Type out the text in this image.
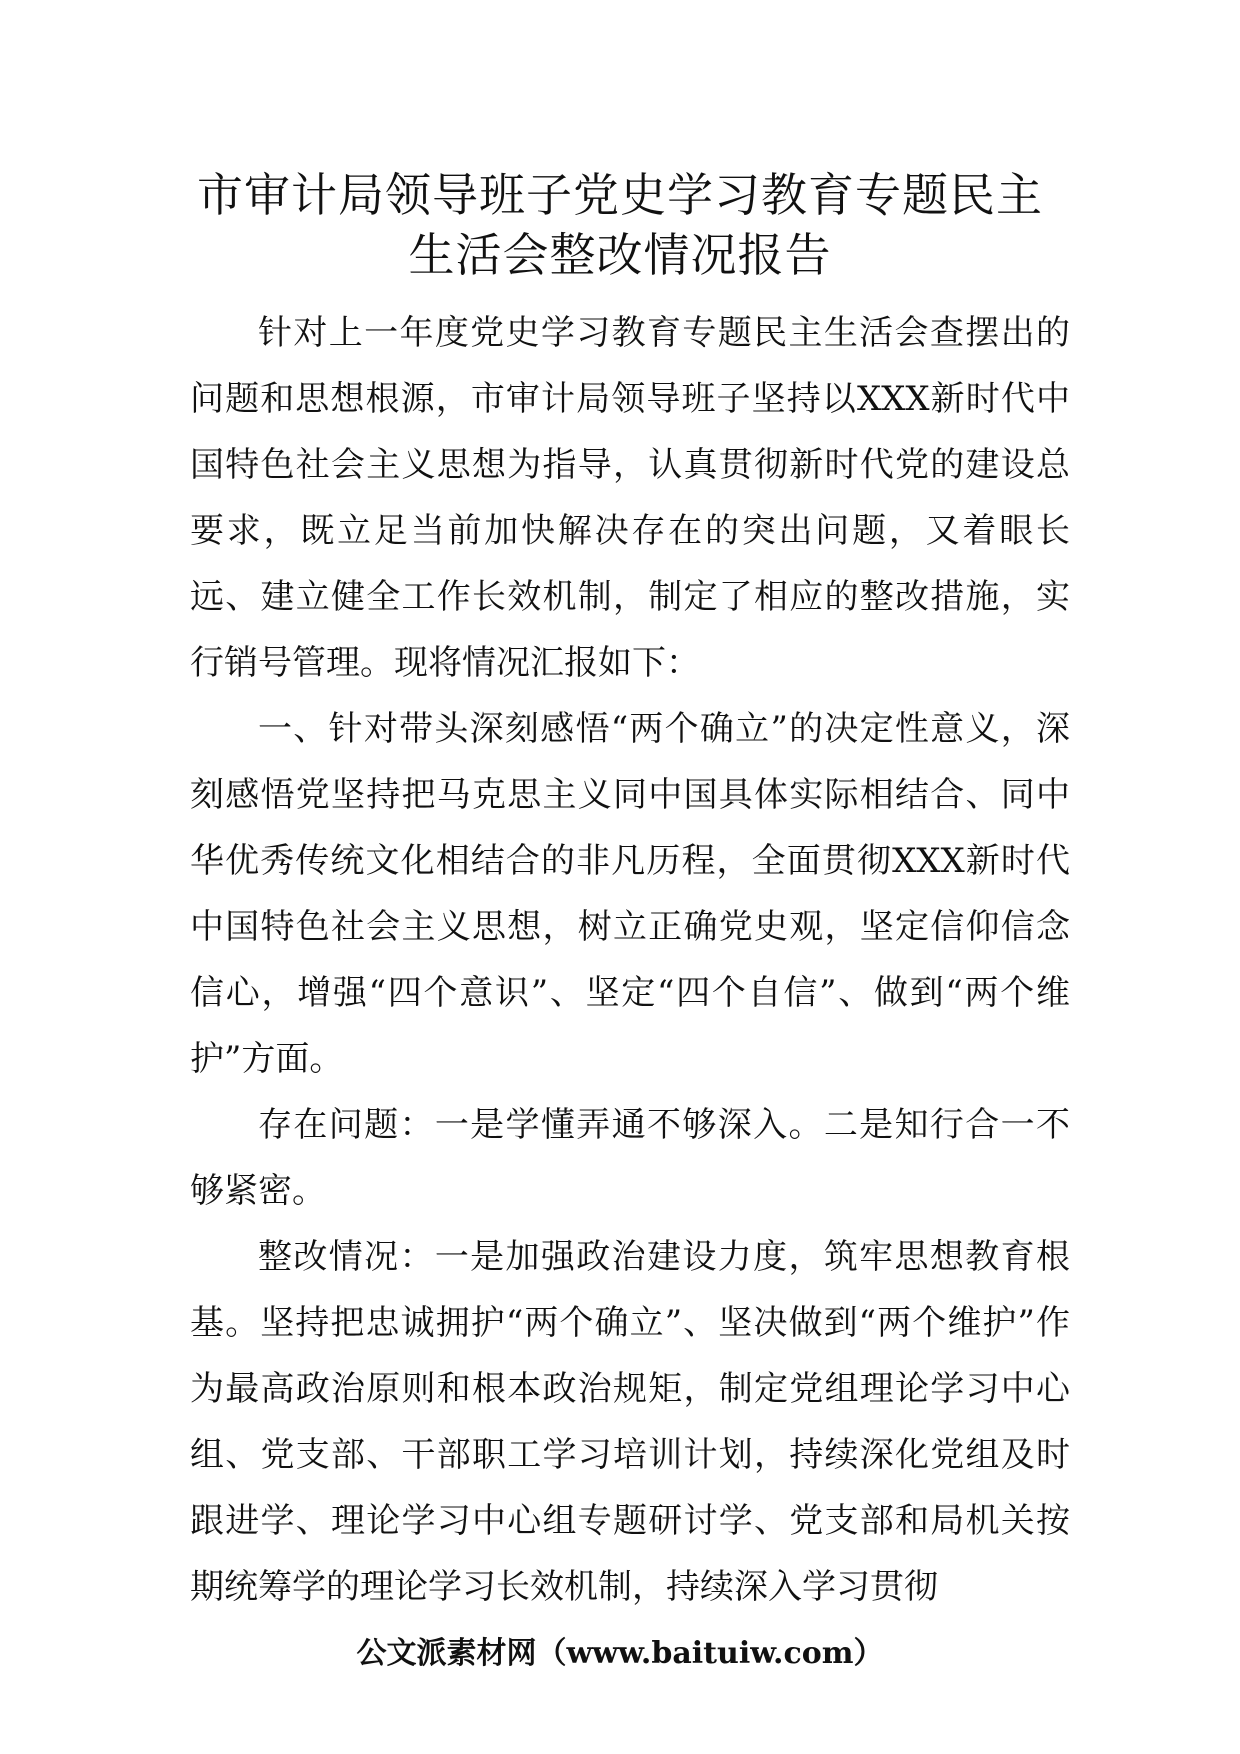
市审计局领导班子党史学习教育专题民主
生活会整改情况报告

针对上一年度党史学习教育专题民主生活会查摆出的问题和思想根源，市审计局领导班子坚持以XXX新时代中国特色社会主义思想为指导，认真贯彻新时代党的建设总要求，既立足当前加快解决存在的突出问题，又着眼长远、建立健全工作长效机制，制定了相应的整改措施，实行销号管理。现将情况汇报如下：

一、针对带头深刻感悟“两个确立”的决定性意义，深刻感悟党坚持把马克思主义同中国具体实际相结合、同中华优秀传统文化相结合的非凡历程，全面贯彻XXX新时代中国特色社会主义思想，树立正确党史观，坚定信仰信念信心，增强“四个意识”、坚定“四个自信”、做到“两个维护”方面。

存在问题：一是学懂弄通不够深入。二是知行合一不够紧密。

整改情况：一是加强政治建设力度，筑牢思想教育根基。坚持把忠诚拥护“两个确立”、坚决做到“两个维护”作为最高政治原则和根本政治规矩，制定党组理论学习中心组、党支部、干部职工学习培训计划，持续深化党组及时跟进学、理论学习中心组专题研讨学、党支部和局机关按期统筹学的理论学习长效机制，持续深入学习贯彻

公文派素材网（www.baituiw.com）
